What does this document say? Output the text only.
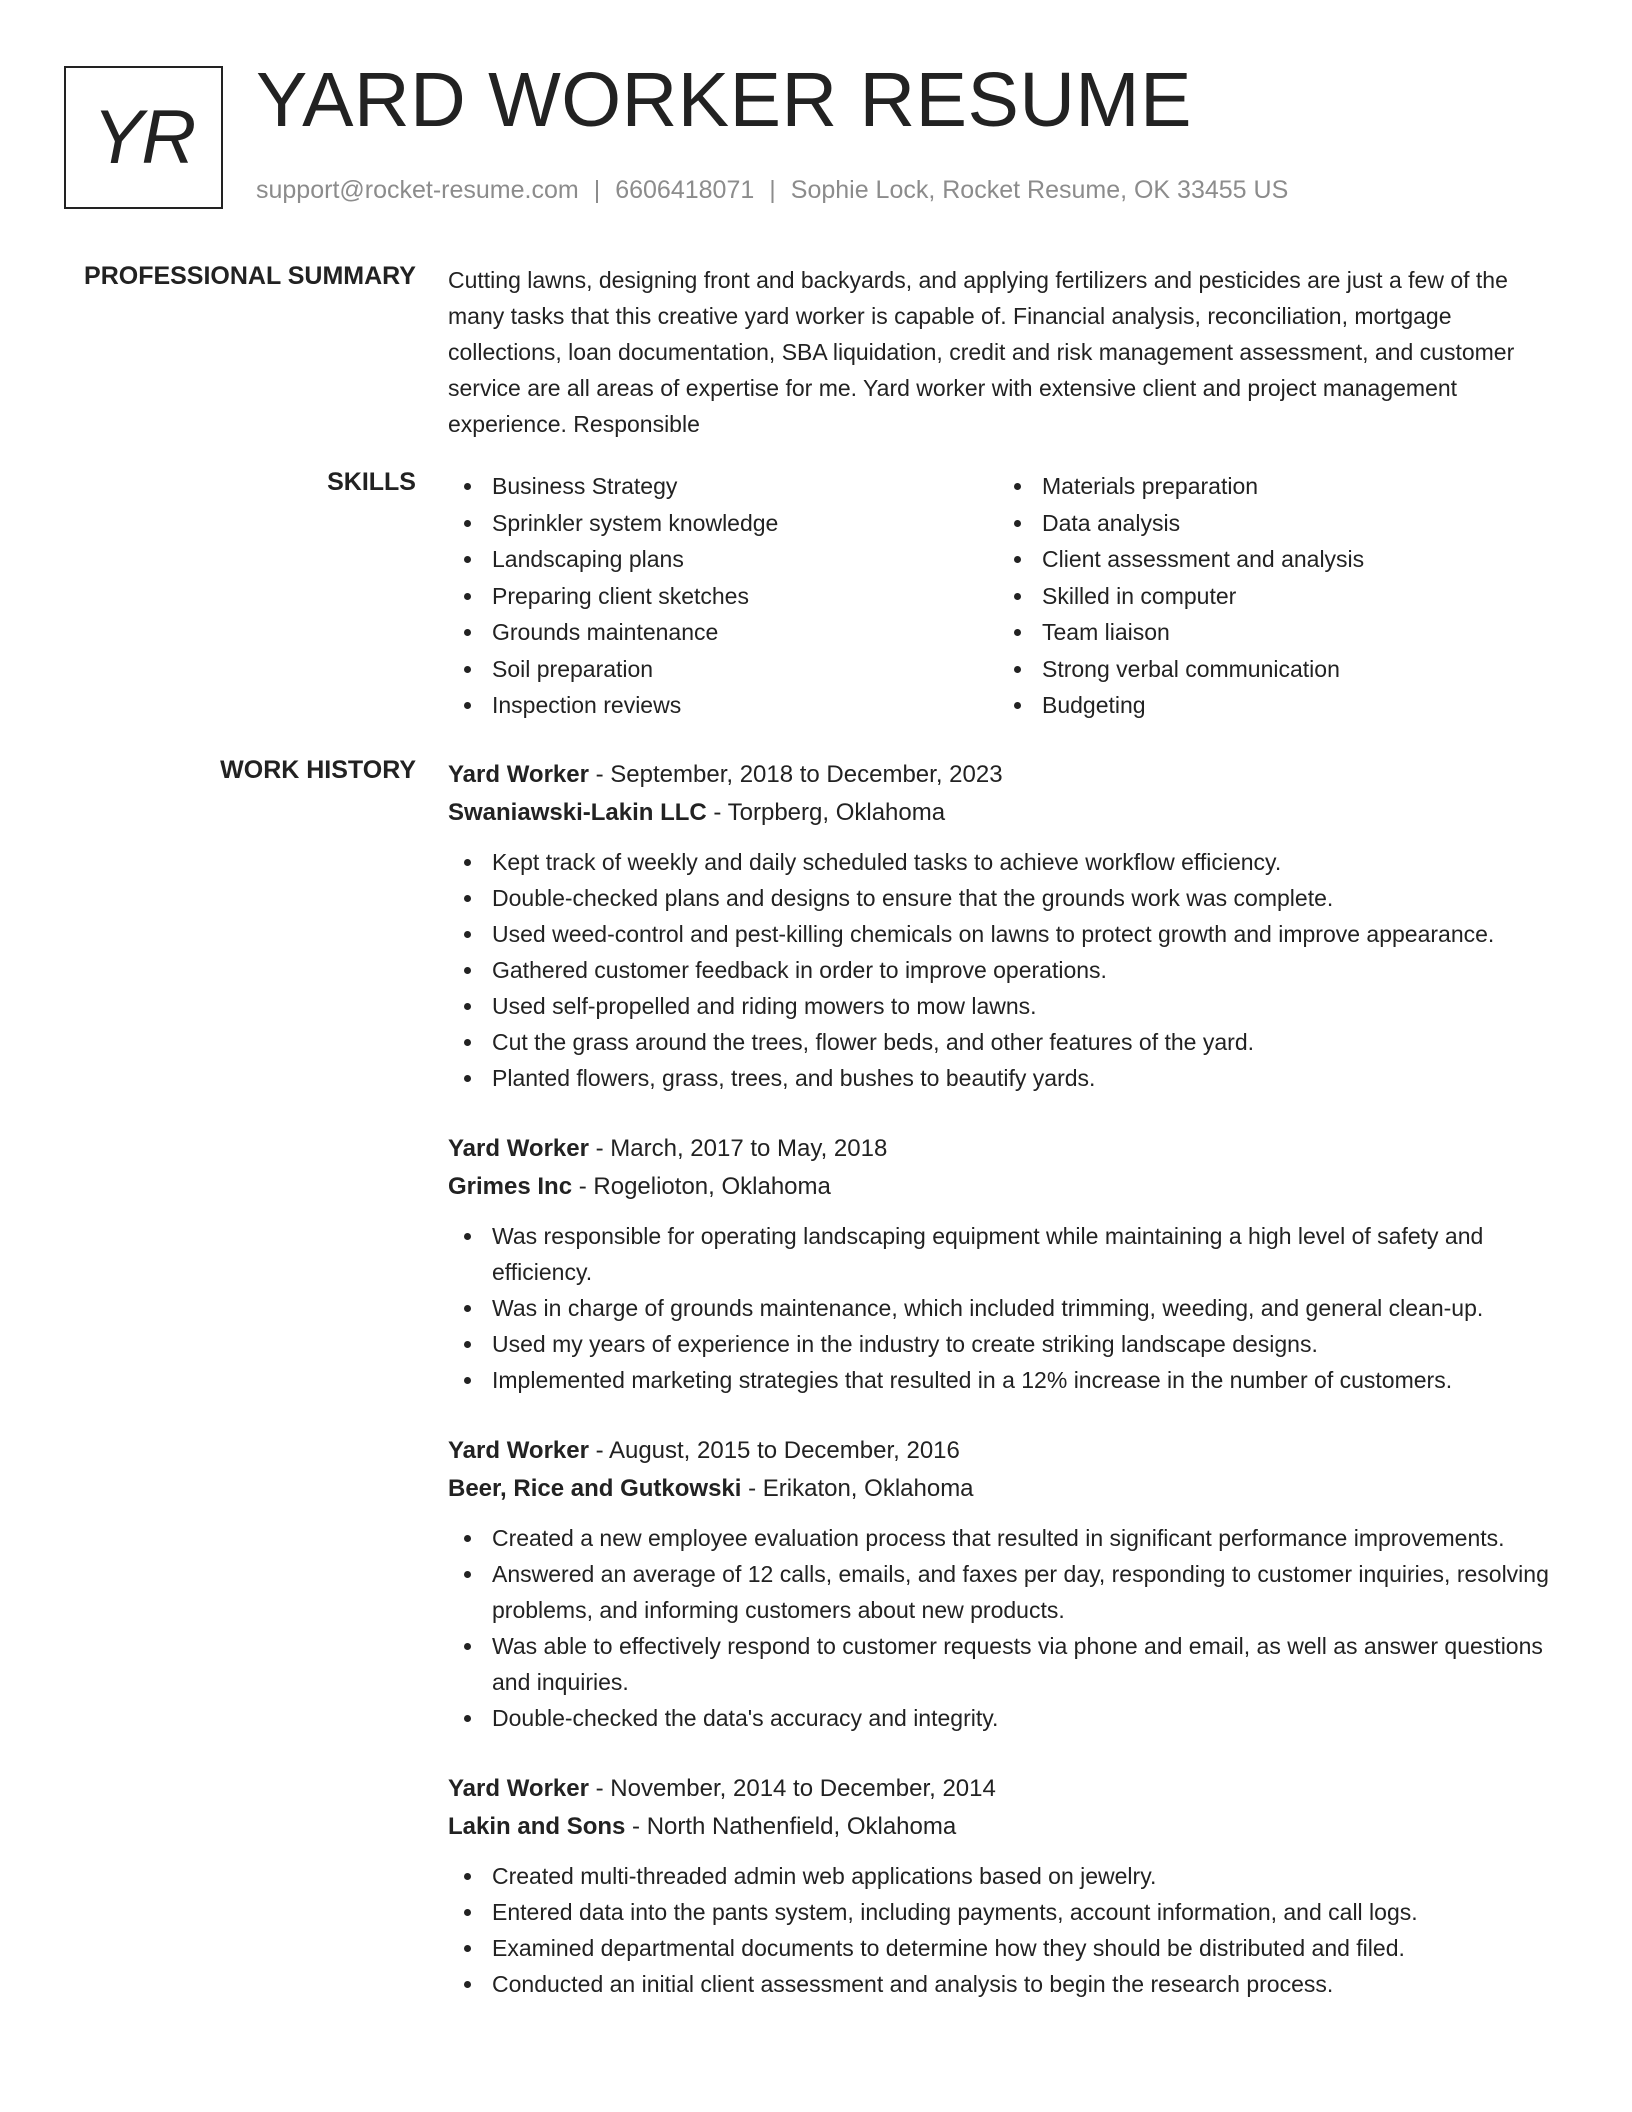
YR YARD WORKER RESUME
support@rocket-resume.com | 6606418071 | Sophie Lock, Rocket Resume, OK 33455 US
PROFESSIONAL SUMMARY Cutting lawns, designing front and backyards, and applying fertilizers and pesticides are just a few of the many tasks that this creative yard worker is capable of. Financial analysis, reconciliation, mortgage collections, loan documentation, SBA liquidation, credit and risk management assessment, and customer service are all areas of expertise for me. Yard worker with extensive client and project management experience. Responsible

SKILLS	Business Strategy
Sprinkler system knowledge
Landscaping plans
Preparing client sketches
Grounds maintenance
Soil preparation
Inspection reviews
Materials preparation
Data analysis
Client assessment and analysis
Skilled in computer
Team liaison
Strong verbal communication
Budgeting
WORK HISTORY Yard Worker - September, 2018 to December, 2023
Swaniawski-Lakin LLC - Torpberg, Oklahoma
Kept track of weekly and daily scheduled tasks to achieve workflow efficiency.
Double-checked plans and designs to ensure that the grounds work was complete.
Used weed-control and pest-killing chemicals on lawns to protect growth and improve appearance.
Gathered customer feedback in order to improve operations.
Used self-propelled and riding mowers to mow lawns.
Cut the grass around the trees, flower beds, and other features of the yard.
Planted flowers, grass, trees, and bushes to beautify yards.
Yard Worker - March, 2017 to May, 2018
Grimes Inc - Rogelioton, Oklahoma
Was responsible for operating landscaping equipment while maintaining a high level of safety and efficiency.
Was in charge of grounds maintenance, which included trimming, weeding, and general clean-up.
Used my years of experience in the industry to create striking landscape designs.
Implemented marketing strategies that resulted in a 12% increase in the number of customers.
Yard Worker - August, 2015 to December, 2016
Beer, Rice and Gutkowski - Erikaton, Oklahoma
Created a new employee evaluation process that resulted in significant performance improvements.
Answered an average of 12 calls, emails, and faxes per day, responding to customer inquiries, resolving problems, and informing customers about new products.
Was able to effectively respond to customer requests via phone and email, as well as answer questions and inquiries.
Double-checked the data's accuracy and integrity.
Yard Worker - November, 2014 to December, 2014
Lakin and Sons - North Nathenfield, Oklahoma
Created multi-threaded admin web applications based on jewelry.
Entered data into the pants system, including payments, account information, and call logs.
Examined departmental documents to determine how they should be distributed and filed.
Conducted an initial client assessment and analysis to begin the research process.
